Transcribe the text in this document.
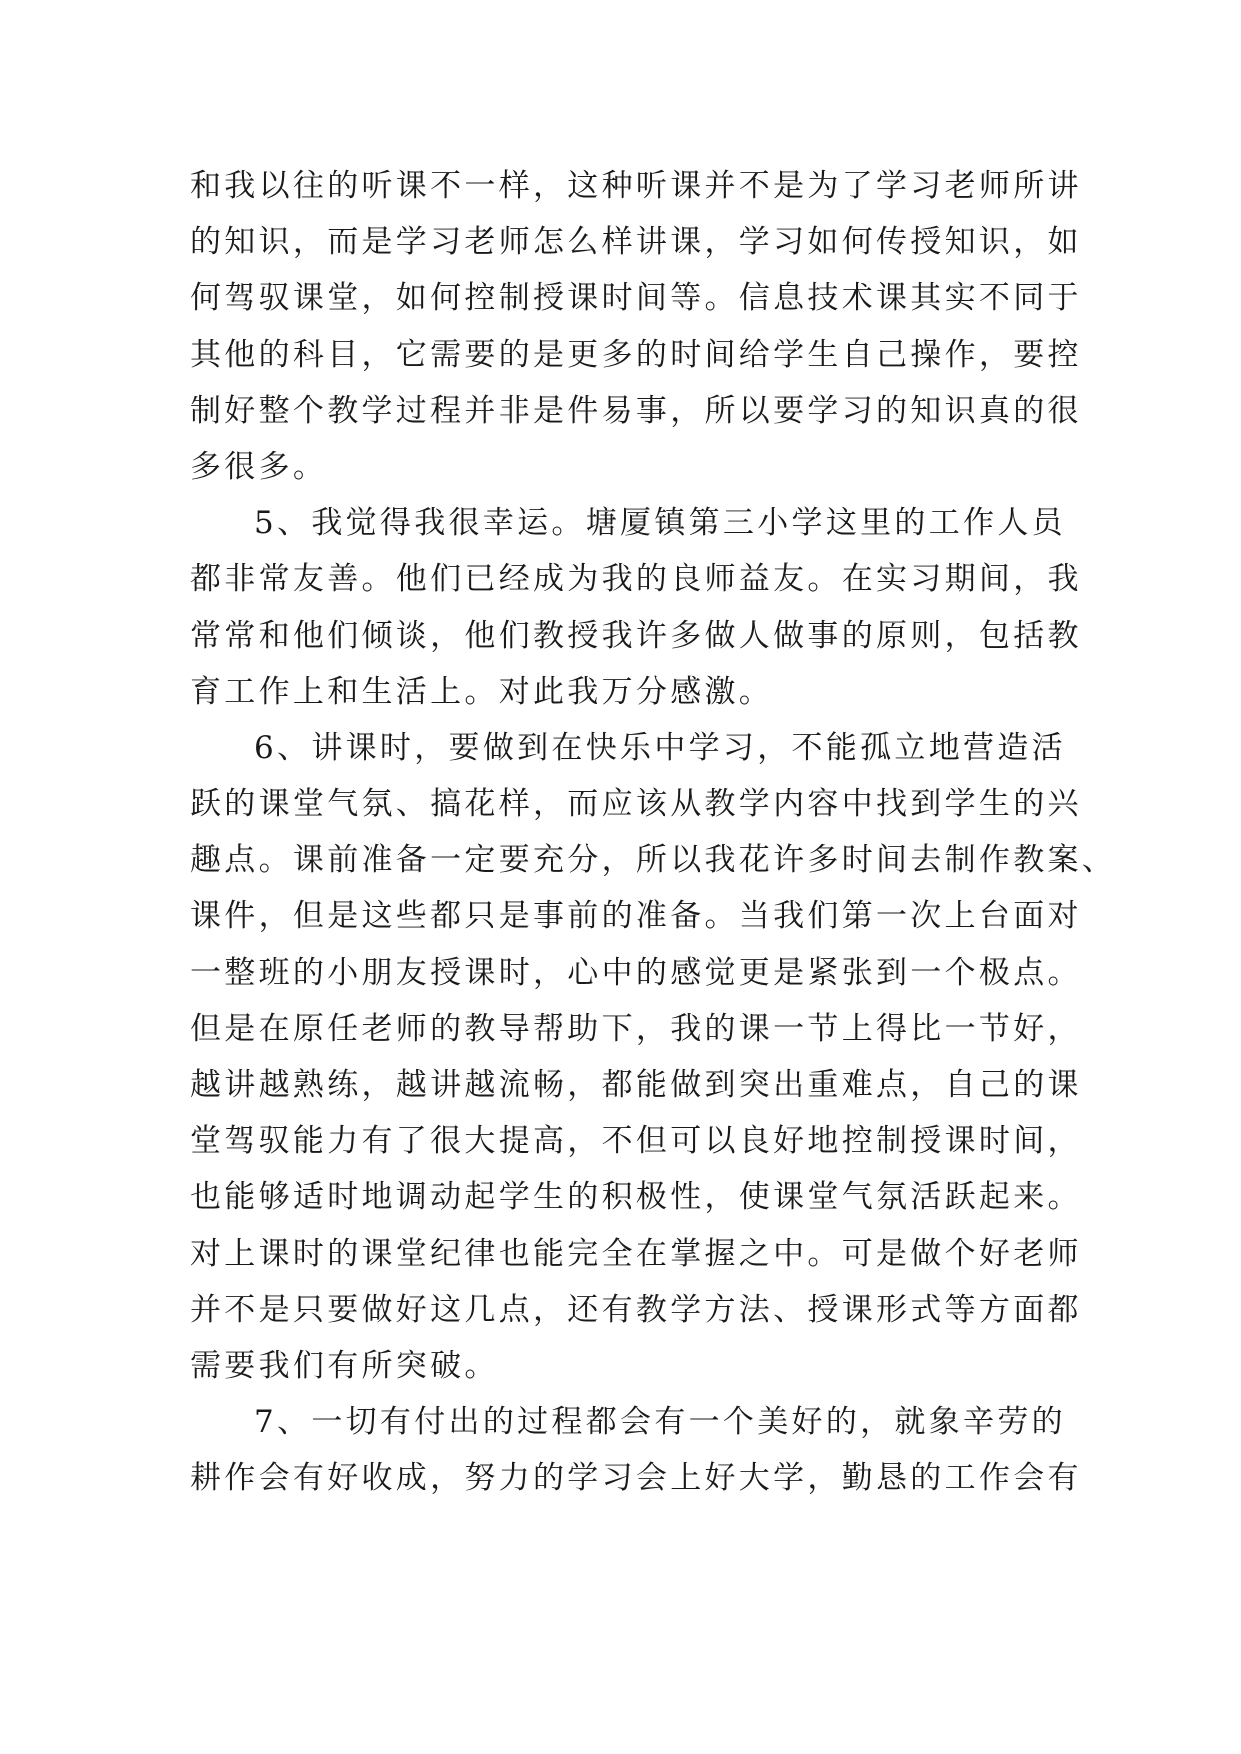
和我以往的听课不一样，这种听课并不是为了学习老师所讲
的知识，而是学习老师怎么样讲课，学习如何传授知识，如
何驾驭课堂，如何控制授课时间等。信息技术课其实不同于
其他的科目，它需要的是更多的时间给学生自己操作，要控
制好整个教学过程并非是件易事，所以要学习的知识真的很
多很多。
5、我觉得我很幸运。塘厦镇第三小学这里的工作人员
都非常友善。他们已经成为我的良师益友。在实习期间，我
常常和他们倾谈，他们教授我许多做人做事的原则，包括教
育工作上和生活上。对此我万分感激。
6、讲课时，要做到在快乐中学习，不能孤立地营造活
跃的课堂气氛、搞花样，而应该从教学内容中找到学生的兴
趣点。课前准备一定要充分，所以我花许多时间去制作教案、
课件，但是这些都只是事前的准备。当我们第一次上台面对
一整班的小朋友授课时，心中的感觉更是紧张到一个极点。
但是在原任老师的教导帮助下，我的课一节上得比一节好，
越讲越熟练，越讲越流畅，都能做到突出重难点，自己的课
堂驾驭能力有了很大提高，不但可以良好地控制授课时间，
也能够适时地调动起学生的积极性，使课堂气氛活跃起来。
对上课时的课堂纪律也能完全在掌握之中。可是做个好老师
并不是只要做好这几点，还有教学方法、授课形式等方面都
需要我们有所突破。
7、一切有付出的过程都会有一个美好的，就象辛劳的
耕作会有好收成，努力的学习会上好大学，勤恳的工作会有
